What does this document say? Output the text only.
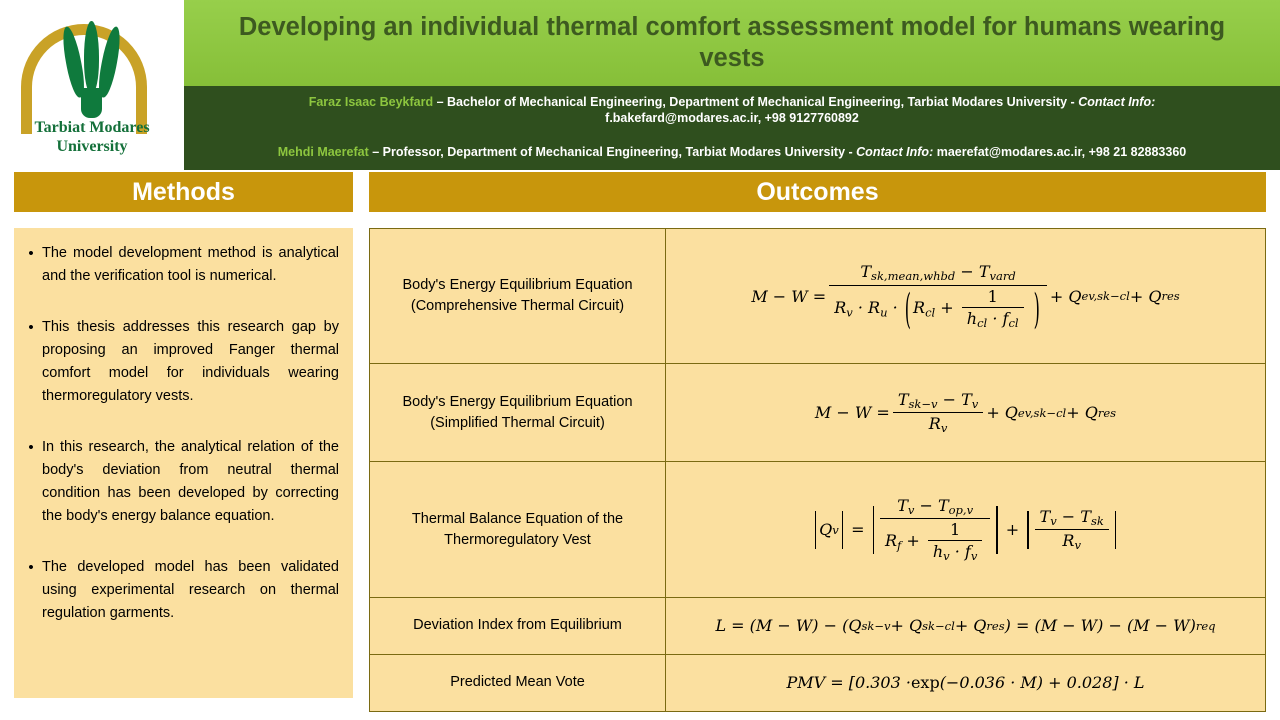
Tarbiat Modares
University
Developing an individual thermal comfort assessment model for humans wearing vests
Faraz Isaac Beykfard – Bachelor of Mechanical Engineering, Department of Mechanical Engineering, Tarbiat Modares University - Contact Info:
f.bakefard@modares.ac.ir, +98 9127760892
Mehdi Maerefat – Professor, Department of Mechanical Engineering, Tarbiat Modares University - Contact Info: maerefat@modares.ac.ir, +98 21 82883360
Methods	Outcomes
• The model development method is analytical and the verification tool is numerical.
• This thesis addresses this research gap by proposing an improved Fanger thermal comfort model for individuals wearing thermoregulatory vests.
• In this research, the analytical relation of the body's deviation from neutral thermal condition has been developed by correcting the body's energy balance equation.
• The developed model has been validated using experimental research on thermal regulation garments.
Body's Energy Equilibrium Equation (Comprehensive Thermal Circuit)	M − W =
$T_{sk,mean,whbd} - T_{vard}$
$R_v \cdot R_u$ · ( $R_{cl} + \frac{1}{h_{cl} \cdot f_{cl}}$ ) + Q ev,sk−cl + Q res

Body's Energy Equilibrium Equation (Simplified Thermal Circuit)	$M - W = \frac{T_{sk-v} - T_v}{R_v} + Q$ ev,sk−cl + Q res

Thermal Balance Equation of the Thermoregulatory Vest	
Q $v = \frac{T_v - T_{op,v}}{R_f + \frac{1}{h_v \cdot f_v}} + \frac{T_v - T_{sk}}{R_v}$

Deviation Index from Equilibrium	L = (M − W) − (Q sk−v + Q sk−cl + Q res ) = (M − W) − (M − W) req

Predicted Mean Vote	PMV = [0.303 · exp (−0.036 · M) + 0.028] · L
